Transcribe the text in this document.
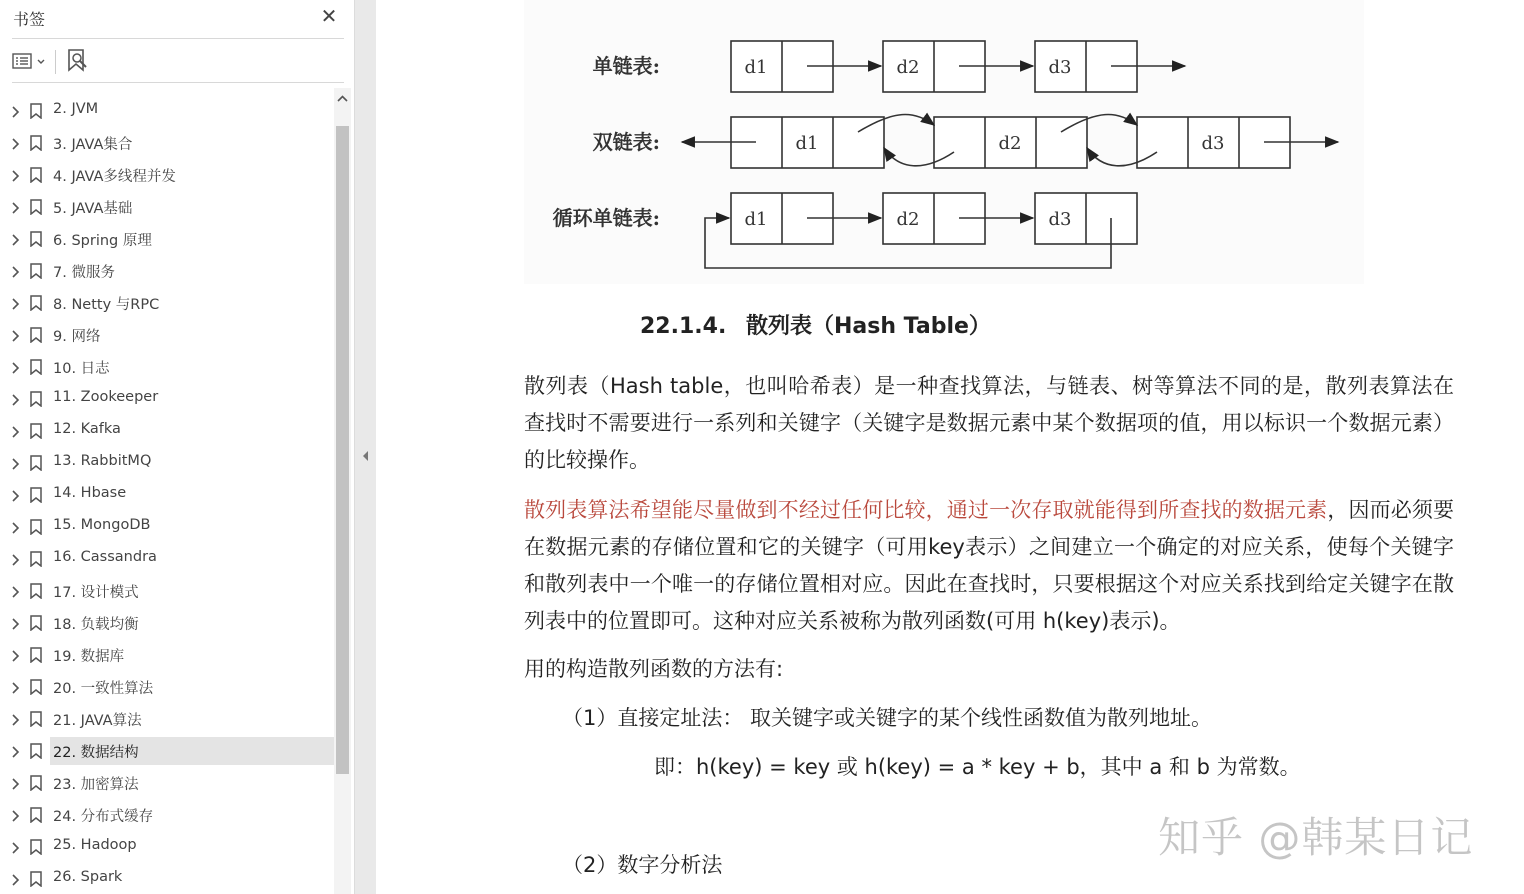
书签	✕
2. JVM
3. JAVA集合
4. JAVA多线程并发
5. JAVA基础
6. Spring 原理
7. 微服务
8. Netty 与RPC
9. 网络
10. 日志
11. Zookeeper
12. Kafka
13. RabbitMQ
14. Hbase
15. MongoDB
16. Cassandra
17. 设计模式
18. 负载均衡
19. 数据库
20. 一致性算法
21. JAVA算法
22. 数据结构
23. 加密算法
24. 分布式缓存
25. Hadoop
26. Spark
单链表:
双链表:
循环单链表:
d1	d2	d3
d1	d2	d3
d1	d2	d3
22.1.4. 散列表（Hash Table）
散列表（Hash table，也叫哈希表）是一种查找算法，与链表、树等算法不同的是，散列表算法在查找时不需要进行一系列和关键字（关键字是数据元素中某个数据项的值，用以标识一个数据元素）的比较操作。
散列表算法希望能尽量做到不经过任何比较，通过一次存取就能得到所查找的数据元素，因而必须要在数据元素的存储位置和它的关键字（可用key表示）之间建立一个确定的对应关系，使每个关键字和散列表中一个唯一的存储位置相对应。因此在查找时，只要根据这个对应关系找到给定关键字在散列表中的位置即可。这种对应关系被称为散列函数(可用 h(key)表示)。
用的构造散列函数的方法有:
（1）直接定址法： 取关键字或关键字的某个线性函数值为散列地址。
即：h(key) = key 或 h(key) = a * key + b，其中 a 和 b 为常数。
（2）数字分析法
知乎 @韩某日记
